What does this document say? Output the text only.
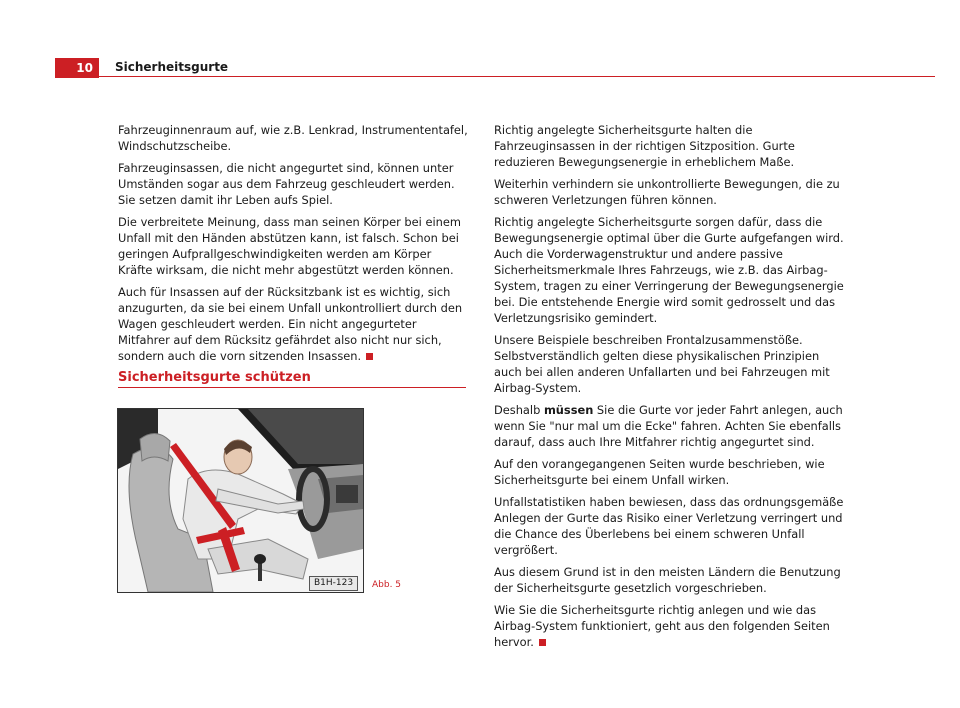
10	Sicherheitsgurte

Fahrzeuginnenraum auf, wie z.B. Lenkrad, Instrumententafel, Windschutzscheibe.

Fahrzeuginsassen, die nicht angegurtet sind, können unter Umständen sogar aus dem Fahrzeug geschleudert werden. Sie setzen damit ihr Leben aufs Spiel.

Die verbreitete Meinung, dass man seinen Körper bei einem Unfall mit den Händen abstützen kann, ist falsch. Schon bei geringen Aufprallgeschwindigkeiten werden am Körper Kräfte wirksam, die nicht mehr abgestützt werden können.

Auch für Insassen auf der Rücksitzbank ist es wichtig, sich anzugurten, da sie bei einem Unfall unkontrolliert durch den Wagen geschleudert werden. Ein nicht angegurteter Mitfahrer auf dem Rücksitz gefährdet also nicht nur sich, sondern auch die vorn sitzenden Insassen.

Sicherheitsgurte schützen
B1H-123	Abb. 5

Richtig angelegte Sicherheitsgurte halten die Fahrzeuginsassen in der richtigen Sitzposition. Gurte reduzieren Bewegungsenergie in erheblichem Maße.

Weiterhin verhindern sie unkontrollierte Bewegungen, die zu schweren Verletzungen führen können.

Richtig angelegte Sicherheitsgurte sorgen dafür, dass die Bewegungsenergie optimal über die Gurte aufgefangen wird. Auch die Vorderwagenstruktur und andere passive Sicherheitsmerkmale Ihres Fahrzeugs, wie z.B. das Airbag-System, tragen zu einer Verringerung der Bewegungsenergie bei. Die entstehende Energie wird somit gedrosselt und das Verletzungsrisiko gemindert.

Unsere Beispiele beschreiben Frontalzusammenstöße. Selbstverständlich gelten diese physikalischen Prinzipien auch bei allen anderen Unfallarten und bei Fahrzeugen mit Airbag-System.

Deshalb müssen Sie die Gurte vor jeder Fahrt anlegen, auch wenn Sie "nur mal um die Ecke" fahren. Achten Sie ebenfalls darauf, dass auch Ihre Mitfahrer richtig angegurtet sind.

Auf den vorangegangenen Seiten wurde beschrieben, wie Sicherheitsgurte bei einem Unfall wirken.

Unfallstatistiken haben bewiesen, dass das ordnungsgemäße Anlegen der Gurte das Risiko einer Verletzung verringert und die Chance des Überlebens bei einem schweren Unfall vergrößert.

Aus diesem Grund ist in den meisten Ländern die Benutzung der Sicherheitsgurte gesetzlich vorgeschrieben.

Wie Sie die Sicherheitsgurte richtig anlegen und wie das Airbag-System funktioniert, geht aus den folgenden Seiten hervor.
